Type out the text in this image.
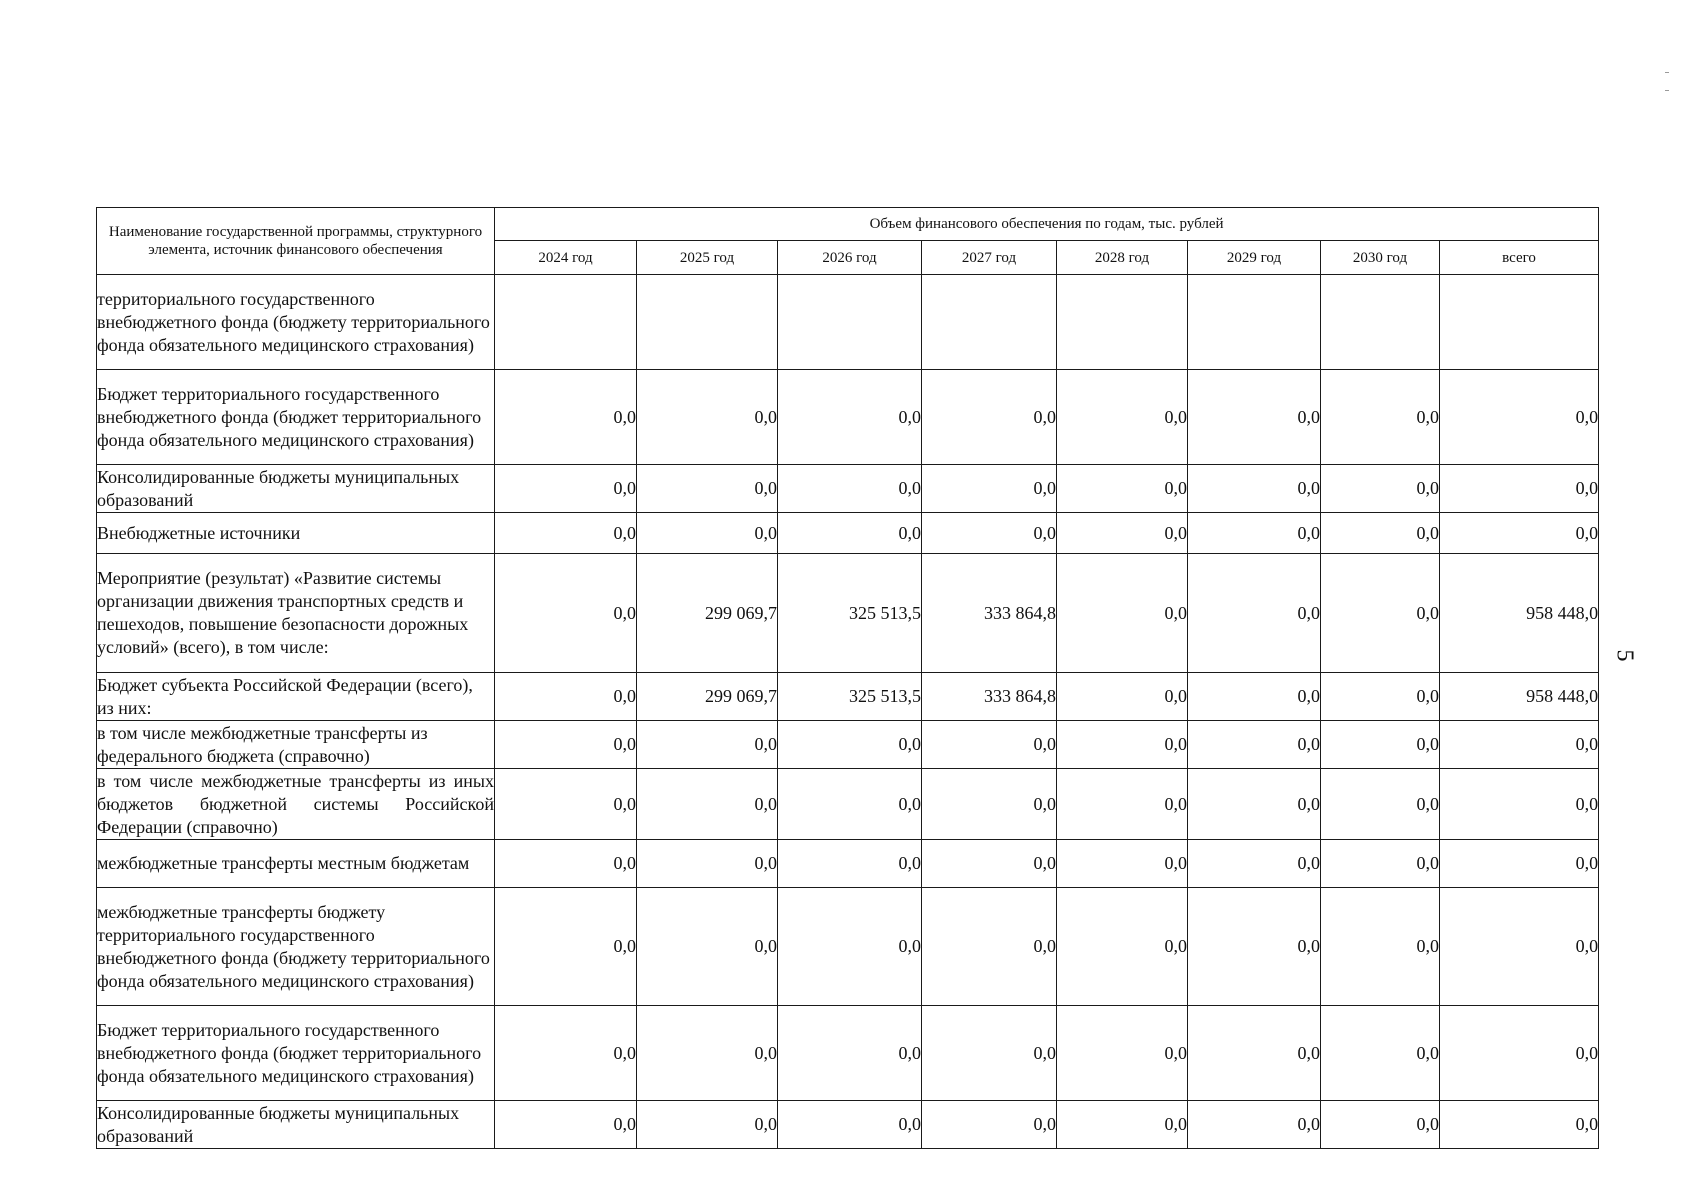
Наименование государственной программы, структурного элемента, источник финансового обеспечения	Объем финансового обеспечения по годам, тыс. рублей							
	2024 год	2025 год	2026 год	2027 год	2028 год	2029 год	2030 год	всего
территориального государственного внебюджетного фонда (бюджету территориального фонда обязательного медицинского страхования)								
Бюджет территориального государственного внебюджетного фонда (бюджет территориального фонда обязательного медицинского страхования)	0,0	0,0	0,0	0,0	0,0	0,0	0,0	0,0
Консолидированные бюджеты муниципальных образований	0,0	0,0	0,0	0,0	0,0	0,0	0,0	0,0
Внебюджетные источники	0,0	0,0	0,0	0,0	0,0	0,0	0,0	0,0
Мероприятие (результат) «Развитие системы организации движения транспортных средств и пешеходов, повышение безопасности дорожных условий» (всего), в том числе:	0,0	299 069,7	325 513,5	333 864,8	0,0	0,0	0,0	958 448,0
Бюджет субъекта Российской Федерации (всего), из них:	0,0	299 069,7	325 513,5	333 864,8	0,0	0,0	0,0	958 448,0
в том числе межбюджетные трансферты из федерального бюджета (справочно)	0,0	0,0	0,0	0,0	0,0	0,0	0,0	0,0
в том числе межбюджетные трансферты из иных бюджетов бюджетной системы Российской Федерации (справочно)	0,0	0,0	0,0	0,0	0,0	0,0	0,0	0,0
межбюджетные трансферты местным бюджетам	0,0	0,0	0,0	0,0	0,0	0,0	0,0	0,0
межбюджетные трансферты бюджету территориального государственного внебюджетного фонда (бюджету территориального фонда обязательного медицинского страхования)	0,0	0,0	0,0	0,0	0,0	0,0	0,0	0,0
Бюджет территориального государственного внебюджетного фонда (бюджет территориального фонда обязательного медицинского страхования)	0,0	0,0	0,0	0,0	0,0	0,0	0,0	0,0
Консолидированные бюджеты муниципальных образований	0,0	0,0	0,0	0,0	0,0	0,0	0,0	0,0
5
